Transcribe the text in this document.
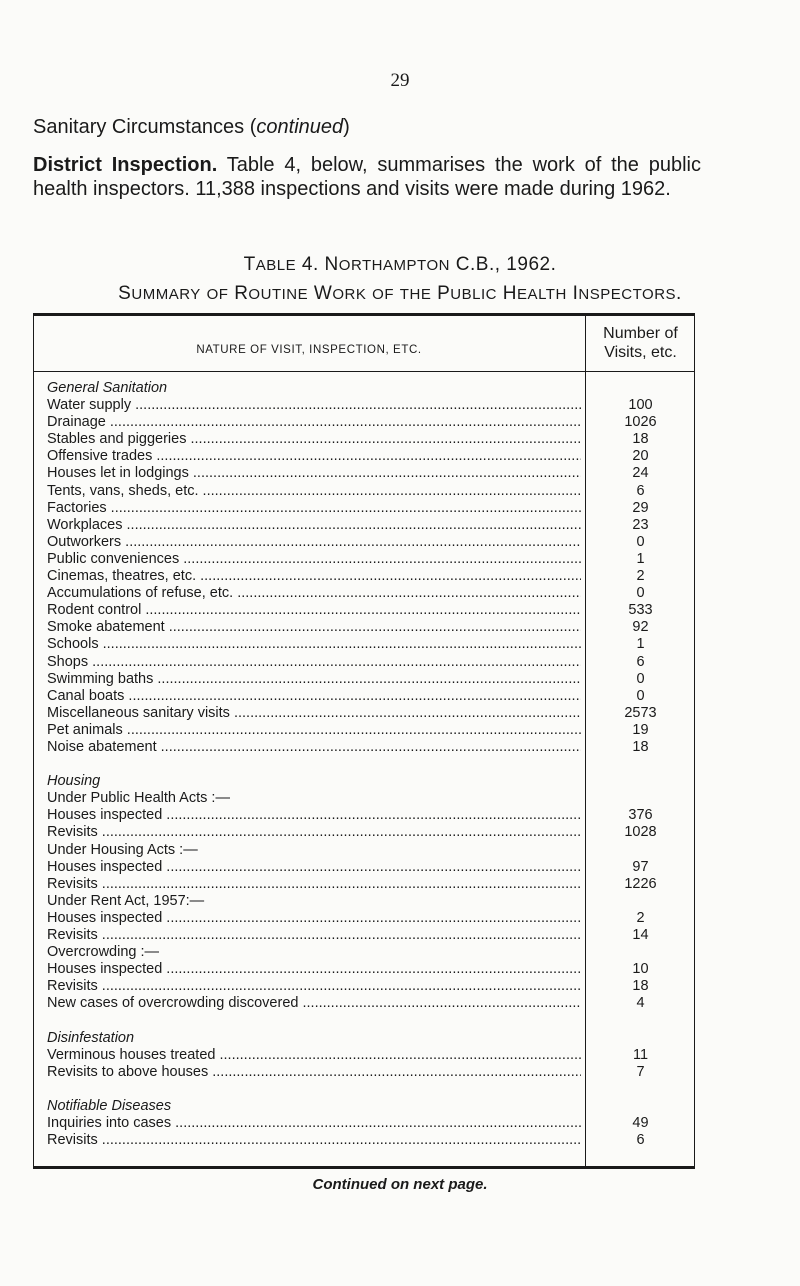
29
Sanitary Circumstances (continued)
District Inspection. Table 4, below, summarises the work of the public health inspectors. 11,388 inspections and visits were made during 1962.
TABLE 4. NORTHAMPTON C.B., 1962.
SUMMARY OF ROUTINE WORK OF THE PUBLIC HEALTH INSPECTORS.
NATURE OF VISIT, INSPECTION, ETC.
Number of
Visits, etc.
General Sanitation
Water supply .....	100
Drainage .....	1026
Stables and piggeries .....	18
Offensive trades .....	20
Houses let in lodgings .....	24
Tents, vans, sheds, etc. .....	6
Factories .....	29
Workplaces .....	23
Outworkers .....	0
Public conveniences .....	1
Cinemas, theatres, etc. .....	2
Accumulations of refuse, etc. .....	0
Rodent control .....	533
Smoke abatement .....	92
Schools .....	1
Shops .....	6
Swimming baths .....	0
Canal boats .....	0
Miscellaneous sanitary visits .....	2573
Pet animals .....	19
Noise abatement .....	18
Housing
Under Public Health Acts :—
Houses inspected .....	376
Revisits .....	1028
Under Housing Acts :—
Houses inspected .....	97
Revisits .....	1226
Under Rent Act, 1957:—
Houses inspected .....	2
Revisits .....	14
Overcrowding :—
Houses inspected .....	10
Revisits .....	18
New cases of overcrowding discovered .....	4
Disinfestation
Verminous houses treated .....	11
Revisits to above houses .....	7
Notifiable Diseases
Inquiries into cases .....	49
Revisits .....	6
Continued on next page.
